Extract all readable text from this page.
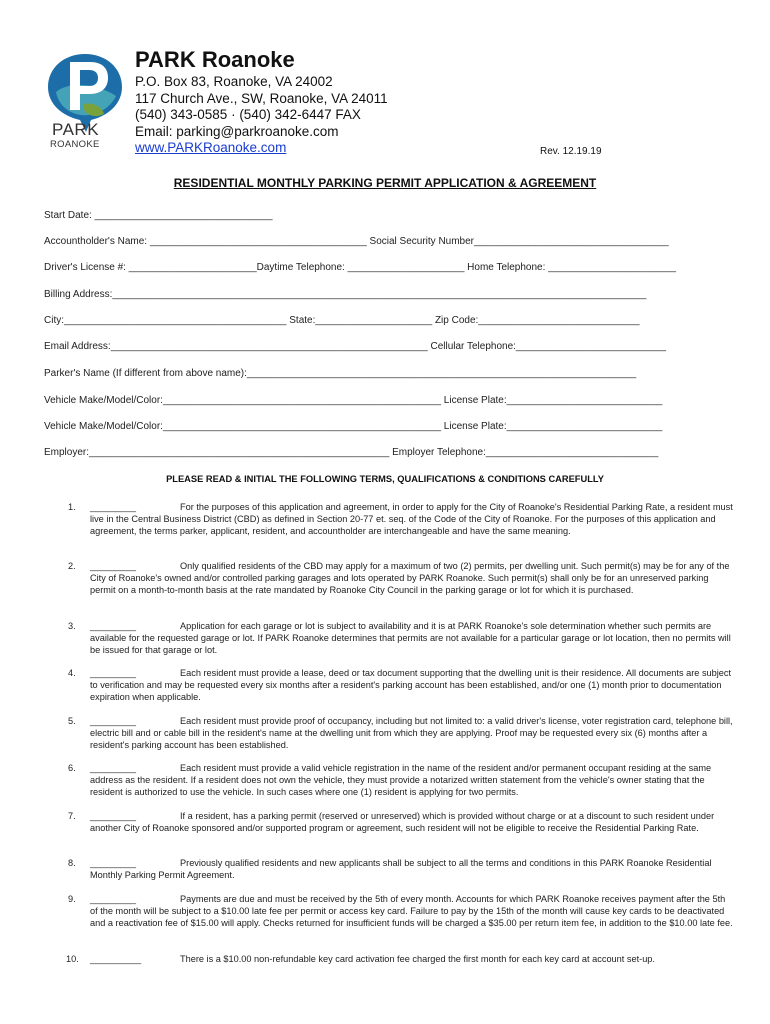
PARK
ROANOKE
PARK Roanoke
P.O. Box 83, Roanoke, VA 24002
117 Church Ave., SW, Roanoke, VA 24011
(540) 343-0585 · (540) 342-6447 FAX
Email: parking@parkroanoke.com
www.PARKRoanoke.com	Rev. 12.19.19
RESIDENTIAL MONTHLY PARKING PERMIT APPLICATION & AGREEMENT
Start Date: ________________________________
Accountholder's Name: _______________________________________ Social Security Number___________________________________
Driver's License #: _______________________Daytime Telephone: _____________________ Home Telephone: _______________________
Billing Address:________________________________________________________________________________________________
City:________________________________________ State:_____________________ Zip Code:_____________________________
Email Address:_________________________________________________________ Cellular Telephone:___________________________
Parker's Name (If different from above name):______________________________________________________________________
Vehicle Make/Model/Color:__________________________________________________ License Plate:____________________________
Vehicle Make/Model/Color:__________________________________________________ License Plate:____________________________
Employer:______________________________________________________ Employer Telephone:_______________________________
PLEASE READ & INITIAL THE FOLLOWING TERMS, QUALIFICATIONS & CONDITIONS CAREFULLY
1. _________	For the purposes of this application and agreement, in order to apply for the City of Roanoke's Residential Parking Rate, a resident must live in the Central Business District (CBD) as defined in Section 20-77 et. seq. of the Code of the City of Roanoke. For the purposes of this application and agreement, the terms parker, applicant, resident, and accountholder are interchangeable and have the same meaning.
2. _________	Only qualified residents of the CBD may apply for a maximum of two (2) permits, per dwelling unit. Such permit(s) may be for any of the City of Roanoke's owned and/or controlled parking garages and lots operated by PARK Roanoke. Such permit(s) shall only be for an unreserved parking permit on a month-to-month basis at the rate mandated by Roanoke City Council in the parking garage or lot for which it is purchased.
3. _________	Application for each garage or lot is subject to availability and it is at PARK Roanoke's sole determination whether such permits are available for the requested garage or lot. If PARK Roanoke determines that permits are not available for a particular garage or lot location, then no permits will be issued for that garage or lot.
4. _________	Each resident must provide a lease, deed or tax document supporting that the dwelling unit is their residence. All documents are subject to verification and may be requested every six months after a resident's parking account has been established, and/or one (1) month prior to documentation expiration when applicable.
5. _________	Each resident must provide proof of occupancy, including but not limited to: a valid driver's license, voter registration card, telephone bill, electric bill and or cable bill in the resident's name at the dwelling unit from which they are applying. Proof may be requested every six (6) months after a resident's parking account has been established.
6. _________	Each resident must provide a valid vehicle registration in the name of the resident and/or permanent occupant residing at the same address as the resident. If a resident does not own the vehicle, they must provide a notarized written statement from the vehicle's owner stating that the resident is authorized to use the vehicle. In such cases where one (1) resident is applying for two permits.
7. _________	If a resident, has a parking permit (reserved or unreserved) which is provided without charge or at a discount to such resident under another City of Roanoke sponsored and/or supported program or agreement, such resident will not be eligible to receive the Residential Parking Rate.
8. _________	Previously qualified residents and new applicants shall be subject to all the terms and conditions in this PARK Roanoke Residential Monthly Parking Permit Agreement.
9. _________	Payments are due and must be received by the 5th of every month. Accounts for which PARK Roanoke receives payment after the 5th of the month will be subject to a $10.00 late fee per permit or access key card. Failure to pay by the 15th of the month will cause key cards to be deactivated and a reactivation fee of $15.00 will apply. Checks returned for insufficient funds will be charged a $35.00 per return item fee, in addition to the $10.00 late fee.
10. __________	There is a $10.00 non-refundable key card activation fee charged the first month for each key card at account set-up.
